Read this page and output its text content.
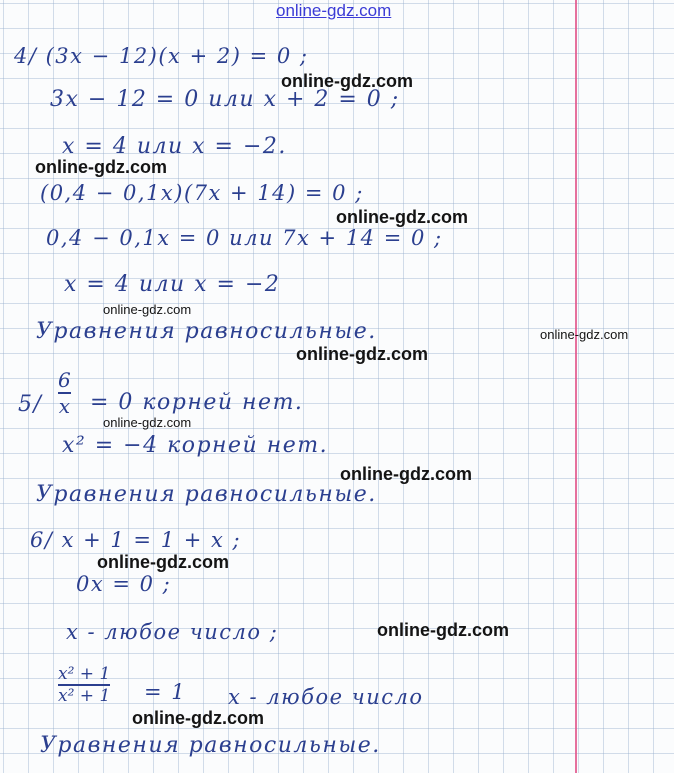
online-gdz.com
4/ (3x − 12)(x + 2) = 0 ;
3x − 12 = 0 или x + 2 = 0 ;
x = 4 или x = −2.
(0,4 − 0,1x)(7x + 14) = 0 ;
0,4 − 0,1x = 0 или 7x + 14 = 0 ;
x = 4 или x = −2
Уравнения равносильные.
5/
6
x = 0 корней нет.
x² = −4 корней нет.
Уравнения равносильные.
6/ x + 1 = 1 + x ;
0x = 0 ;
x - любое число ;
x² + 1
x² + 1 = 1 x - любое число
Уравнения равносильные.
online-gdz.com
online-gdz.com
online-gdz.com
online-gdz.com
online-gdz.com
online-gdz.com
online-gdz.com
online-gdz.com
online-gdz.com
online-gdz.com
online-gdz.com
